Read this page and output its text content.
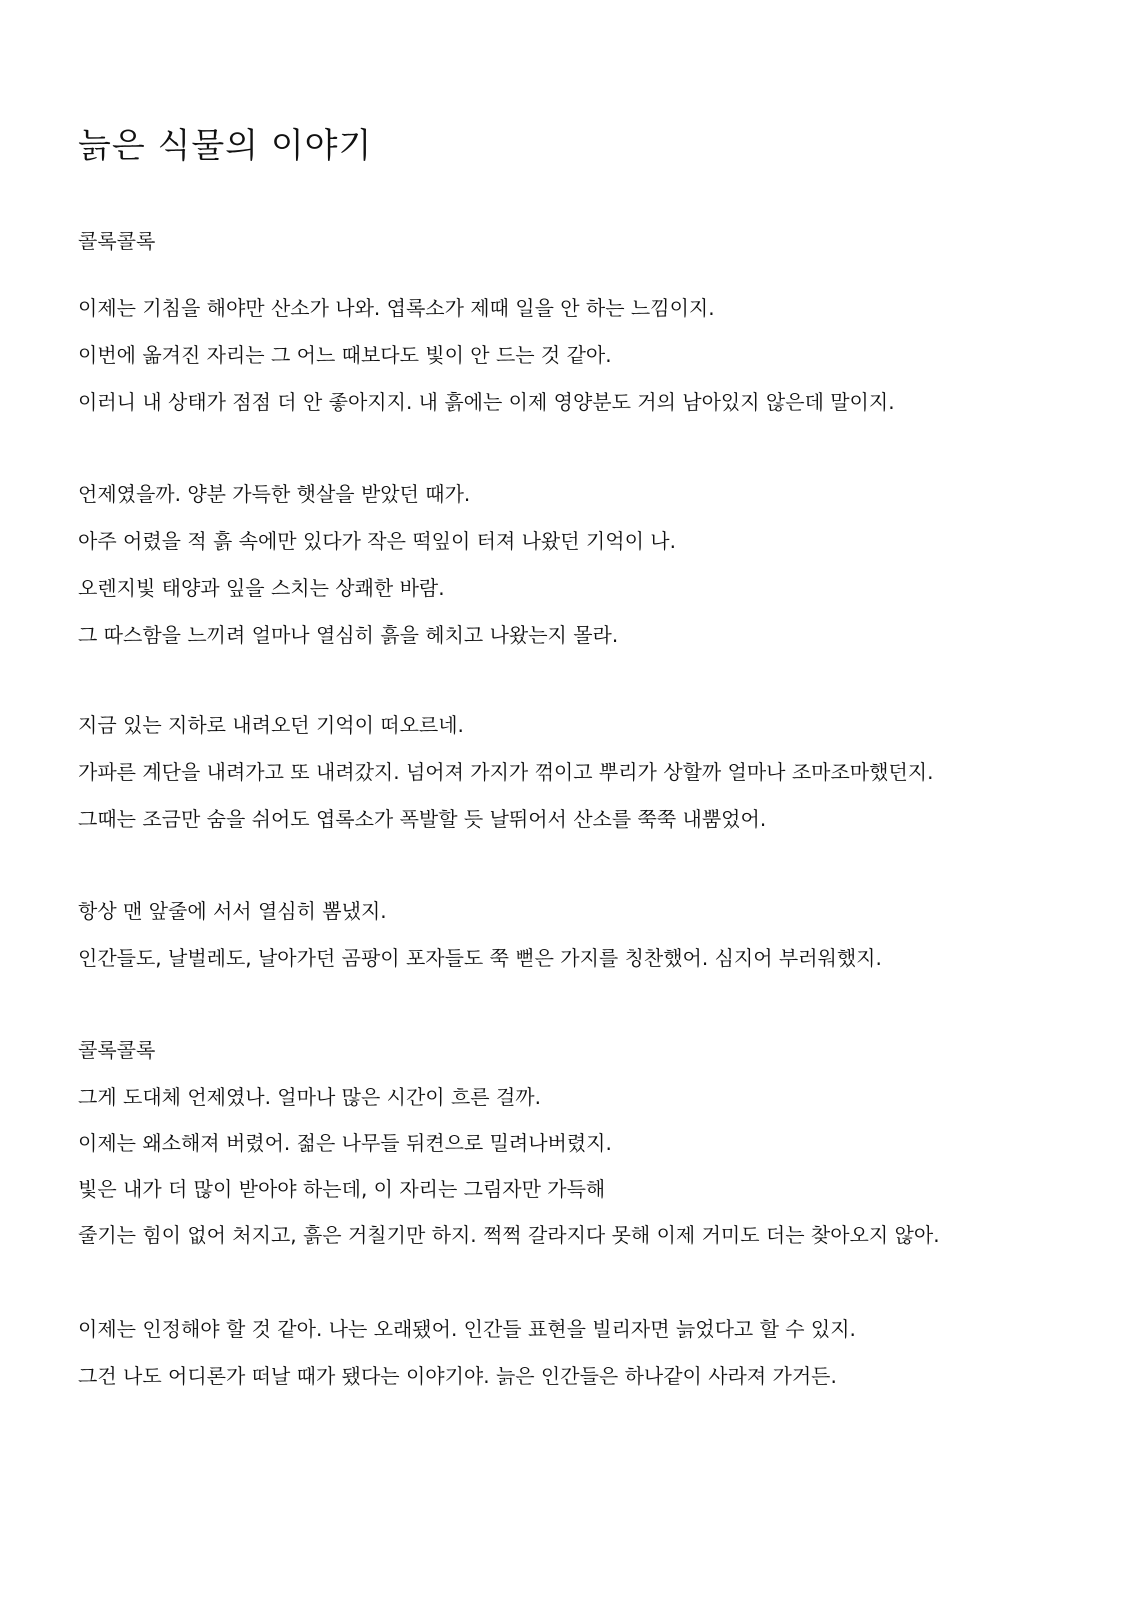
늙은 식물의 이야기

콜록콜록

이제는 기침을 해야만 산소가 나와. 엽록소가 제때 일을 안 하는 느낌이지.

이번에 옮겨진 자리는 그 어느 때보다도 빛이 안 드는 것 같아.

이러니 내 상태가 점점 더 안 좋아지지. 내 흙에는 이제 영양분도 거의 남아있지 않은데 말이지.

언제였을까. 양분 가득한 햇살을 받았던 때가.

아주 어렸을 적 흙 속에만 있다가 작은 떡잎이 터져 나왔던 기억이 나.

오렌지빛 태양과 잎을 스치는 상쾌한 바람.

그 따스함을 느끼려 얼마나 열심히 흙을 헤치고 나왔는지 몰라.

지금 있는 지하로 내려오던 기억이 떠오르네.

가파른 계단을 내려가고 또 내려갔지. 넘어져 가지가 꺾이고 뿌리가 상할까 얼마나 조마조마했던지.

그때는 조금만 숨을 쉬어도 엽록소가 폭발할 듯 날뛰어서 산소를 쭉쭉 내뿜었어.

항상 맨 앞줄에 서서 열심히 뽐냈지.

인간들도, 날벌레도, 날아가던 곰팡이 포자들도 쭉 뻗은 가지를 칭찬했어. 심지어 부러워했지.

콜록콜록

그게 도대체 언제였나. 얼마나 많은 시간이 흐른 걸까.

이제는 왜소해져 버렸어. 젊은 나무들 뒤켠으로 밀려나버렸지.

빛은 내가 더 많이 받아야 하는데, 이 자리는 그림자만 가득해

줄기는 힘이 없어 처지고, 흙은 거칠기만 하지. 쩍쩍 갈라지다 못해 이제 거미도 더는 찾아오지 않아.

이제는 인정해야 할 것 같아. 나는 오래됐어. 인간들 표현을 빌리자면 늙었다고 할 수 있지.

그건 나도 어디론가 떠날 때가 됐다는 이야기야. 늙은 인간들은 하나같이 사라져 가거든.
